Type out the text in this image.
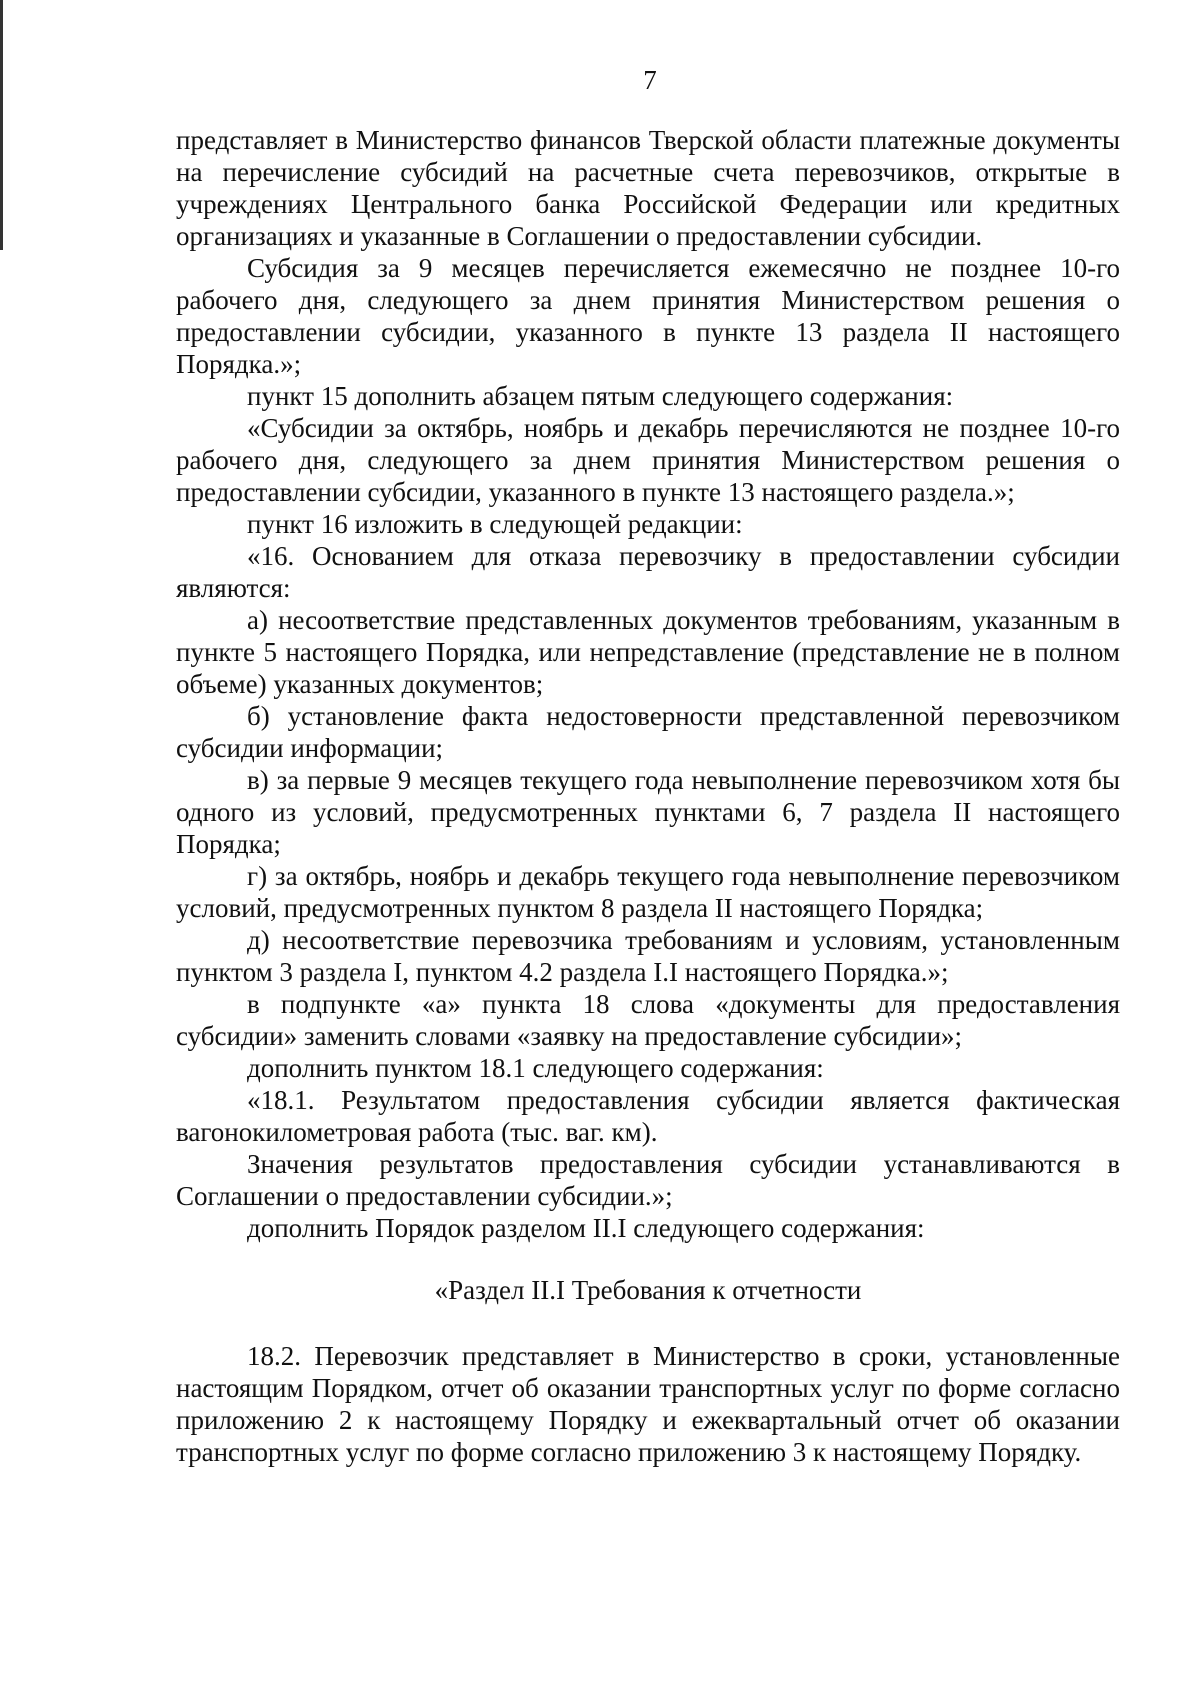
7

представляет в Министерство финансов Тверской области платежные документы на перечисление субсидий на расчетные счета перевозчиков, открытые в учреждениях Центрального банка Российской Федерации или кредитных организациях и указанные в Соглашении о предоставлении субсидии.

Субсидия за 9 месяцев перечисляется ежемесячно не позднее 10-го рабочего дня, следующего за днем принятия Министерством решения о предоставлении субсидии, указанного в пункте 13 раздела II настоящего Порядка.»;

пункт 15 дополнить абзацем пятым следующего содержания:

«Субсидии за октябрь, ноябрь и декабрь перечисляются не позднее 10-го рабочего дня, следующего за днем принятия Министерством решения о предоставлении субсидии, указанного в пункте 13 настоящего раздела.»;

пункт 16 изложить в следующей редакции:

«16. Основанием для отказа перевозчику в предоставлении субсидии являются:

а) несоответствие представленных документов требованиям, указанным в пункте 5 настоящего Порядка, или непредставление (представление не в полном объеме) указанных документов;

б) установление факта недостоверности представленной перевозчиком субсидии информации;

в) за первые 9 месяцев текущего года невыполнение перевозчиком хотя бы одного из условий, предусмотренных пунктами 6, 7 раздела II настоящего Порядка;

г) за октябрь, ноябрь и декабрь текущего года невыполнение перевозчиком условий, предусмотренных пунктом 8 раздела II настоящего Порядка;

д) несоответствие перевозчика требованиям и условиям, установленным пунктом 3 раздела I, пунктом 4.2 раздела I.I настоящего Порядка.»;

в подпункте «а» пункта 18 слова «документы для предоставления субсидии» заменить словами «заявку на предоставление субсидии»;

дополнить пунктом 18.1 следующего содержания:

«18.1. Результатом предоставления субсидии является фактическая вагонокилометровая работа (тыс. ваг. км).

Значения результатов предоставления субсидии устанавливаются в Соглашении о предоставлении субсидии.»;

дополнить Порядок разделом II.I следующего содержания:

«Раздел II.I Требования к отчетности

18.2. Перевозчик представляет в Министерство в сроки, установленные настоящим Порядком, отчет об оказании транспортных услуг по форме согласно приложению 2 к настоящему Порядку и ежеквартальный отчет об оказании транспортных услуг по форме согласно приложению 3 к настоящему Порядку.
